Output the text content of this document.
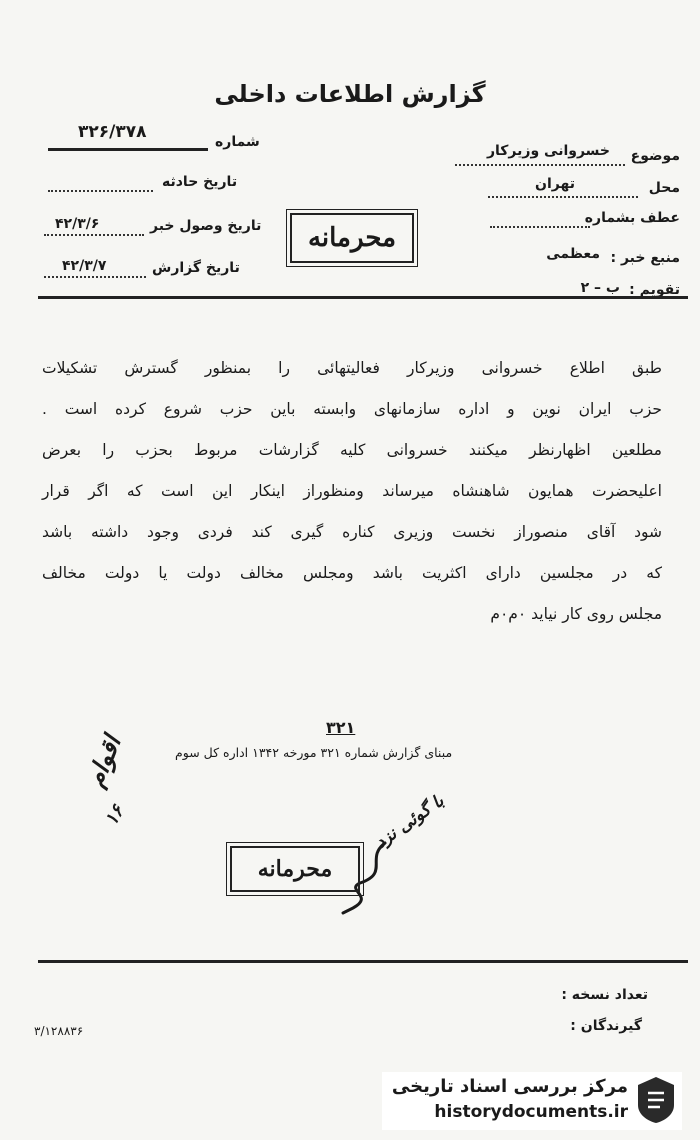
گزارش اطلاعات داخلی
موضوع
خسروانی وزیرکار
محل
تهران
عطف بشماره
منبع خبر :
معظمی
تقویم :
ب – ۲
شماره
۳۲۶/۳۷۸
تاریخ حادثه
تاریخ وصول خبر
۴۲/۳/۶
تاریخ گزارش
۴۲/۳/۷
محرمانه
طبق اطلاع خسروانی وزیرکار فعالیتهائی را بمنظور گسترش تشکیلات
حزب ایران نوین و اداره سازمانهای وابسته باین حزب شروع کرده است .
مطلعین اظهارنظر میکنند خسروانی کلیه گزارشات مربوط بحزب را بعرض
اعلیحضرت همایون شاهنشاه میرساند ومنظوراز اینکار این است که اگر قرار
شود آقای منصوراز نخست وزیری کناره گیری کند فردی وجود داشته باشد
که در مجلسین دارای اکثریت باشد ومجلس مخالف دولت یا دولت مخالف
مجلس روی کار نیاید ٠م٠م
۳۲۱
مبنای گزارش شماره ۳۲۱ مورخه ۱۳۴۲ اداره کل سوم
اقوام
۱۶	با گوئی نزد
محرمانه
تعداد نسخه :
گیرندگان :
۳/۱۲۸۸۳۶
مرکز بررسی اسناد تاریخی
historydocuments.ir
